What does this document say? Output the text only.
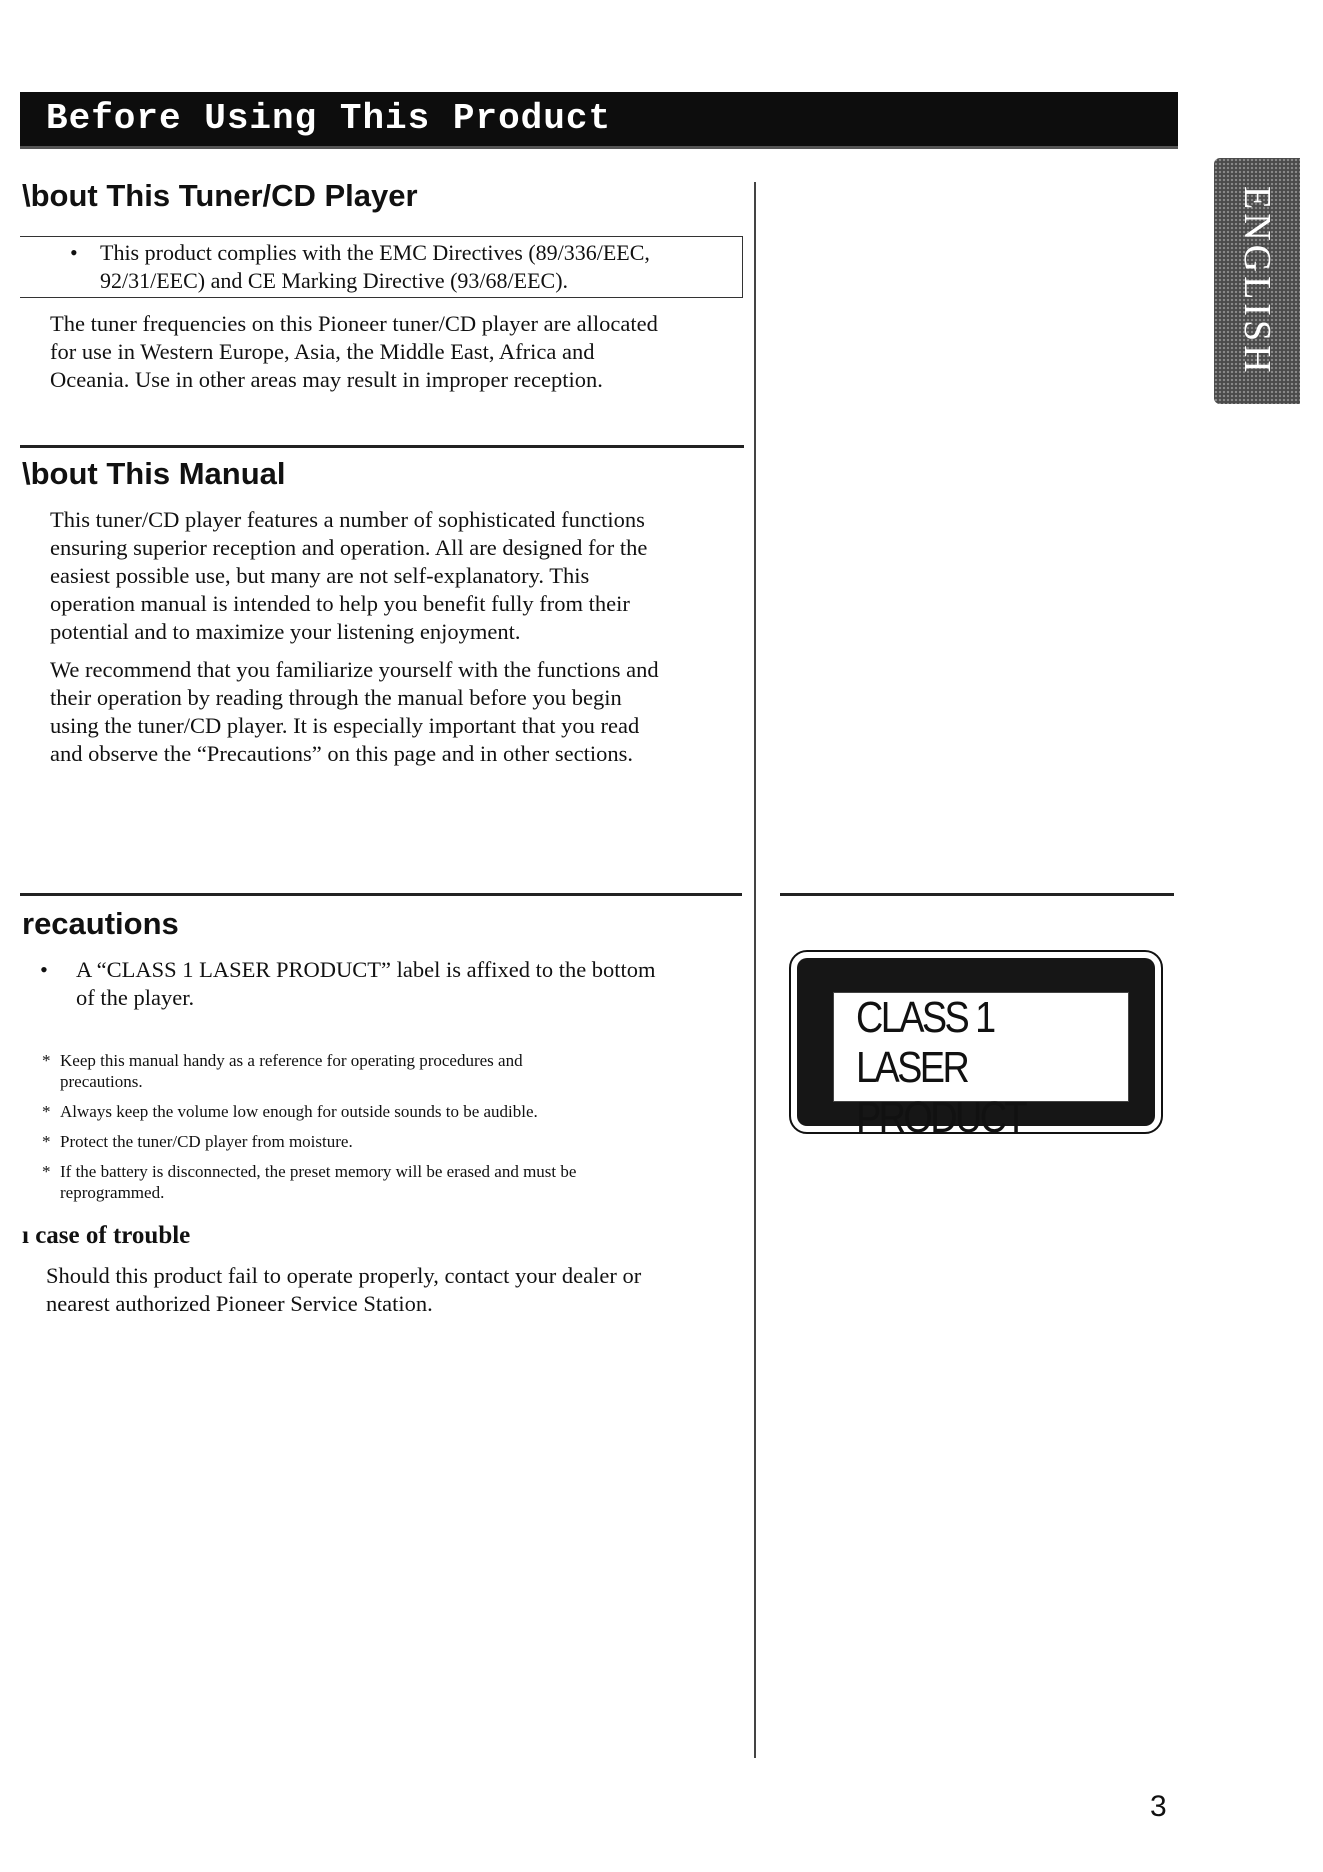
Before Using This Product
ENGLISH
\bout This Tuner/CD Player
•	This product complies with the EMC Directives (89/336/EEC,
92/31/EEC) and CE Marking Directive (93/68/EEC).
The tuner frequencies on this Pioneer tuner/CD player are allocated
for use in Western Europe, Asia, the Middle East, Africa and
Oceania. Use in other areas may result in improper reception.
\bout This Manual
This tuner/CD player features a number of sophisticated functions
ensuring superior reception and operation. All are designed for the
easiest possible use, but many are not self-explanatory. This
operation manual is intended to help you benefit fully from their
potential and to maximize your listening enjoyment.
We recommend that you familiarize yourself with the functions and
their operation by reading through the manual before you begin
using the tuner/CD player. It is especially important that you read
and observe the “Precautions” on this page and in other sections.
recautions
•	A “CLASS 1 LASER PRODUCT” label is affixed to the bottom
of the player.
* Keep this manual handy as a reference for operating procedures and
precautions.
* Always keep the volume low enough for outside sounds to be audible.
* Protect the tuner/CD player from moisture.
* If the battery is disconnected, the preset memory will be erased and must be
reprogrammed.
ı case of trouble
Should this product fail to operate properly, contact your dealer or
nearest authorized Pioneer Service Station.
CLASS 1
LASER PRODUCT

3
